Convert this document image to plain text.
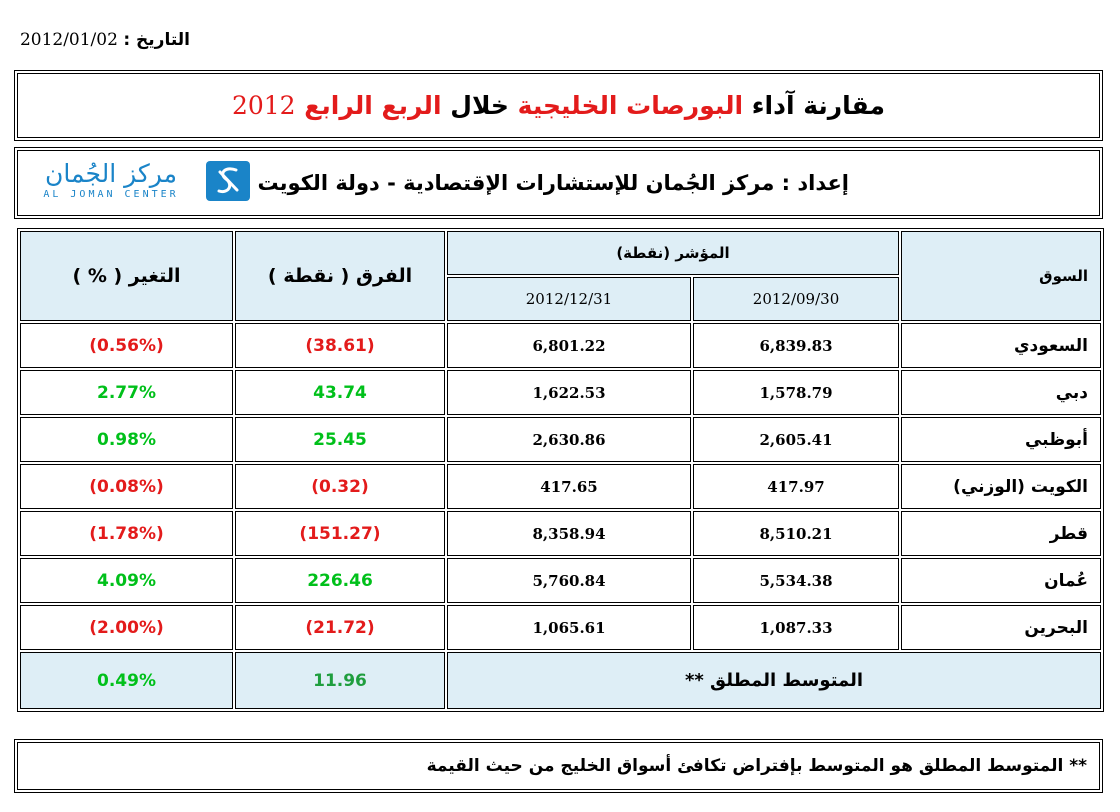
التاريخ : 2012/01/02
مقارنة آداء البورصات الخليجية خلال الربع الرابع 2012
مركز الجُمان
AL JOMAN CENTER	إعداد : مركز الجُمان للإستشارات الإقتصادية - دولة الكويت
السوق	المؤشر (نقطة)		الفرق ( نقطة )	التغير ( % )
	2012/09/30	2012/12/31		
السعودي	6,839.83	6,801.22	(38.61)	(0.56%)
دبي	1,578.79	1,622.53	43.74	2.77%
أبوظبي	2,605.41	2,630.86	25.45	0.98%
الكويت (الوزني)	417.97	417.65	(0.32)	(0.08%)
قطر	8,510.21	8,358.94	(151.27)	(1.78%)
عُمان	5,534.38	5,760.84	226.46	4.09%
البحرين	1,087.33	1,065.61	(21.72)	(2.00%)
المتوسط المطلق **			11.96	0.49%
** المتوسط المطلق هو المتوسط بإفتراض تكافئ أسواق الخليج من حيث القيمة
